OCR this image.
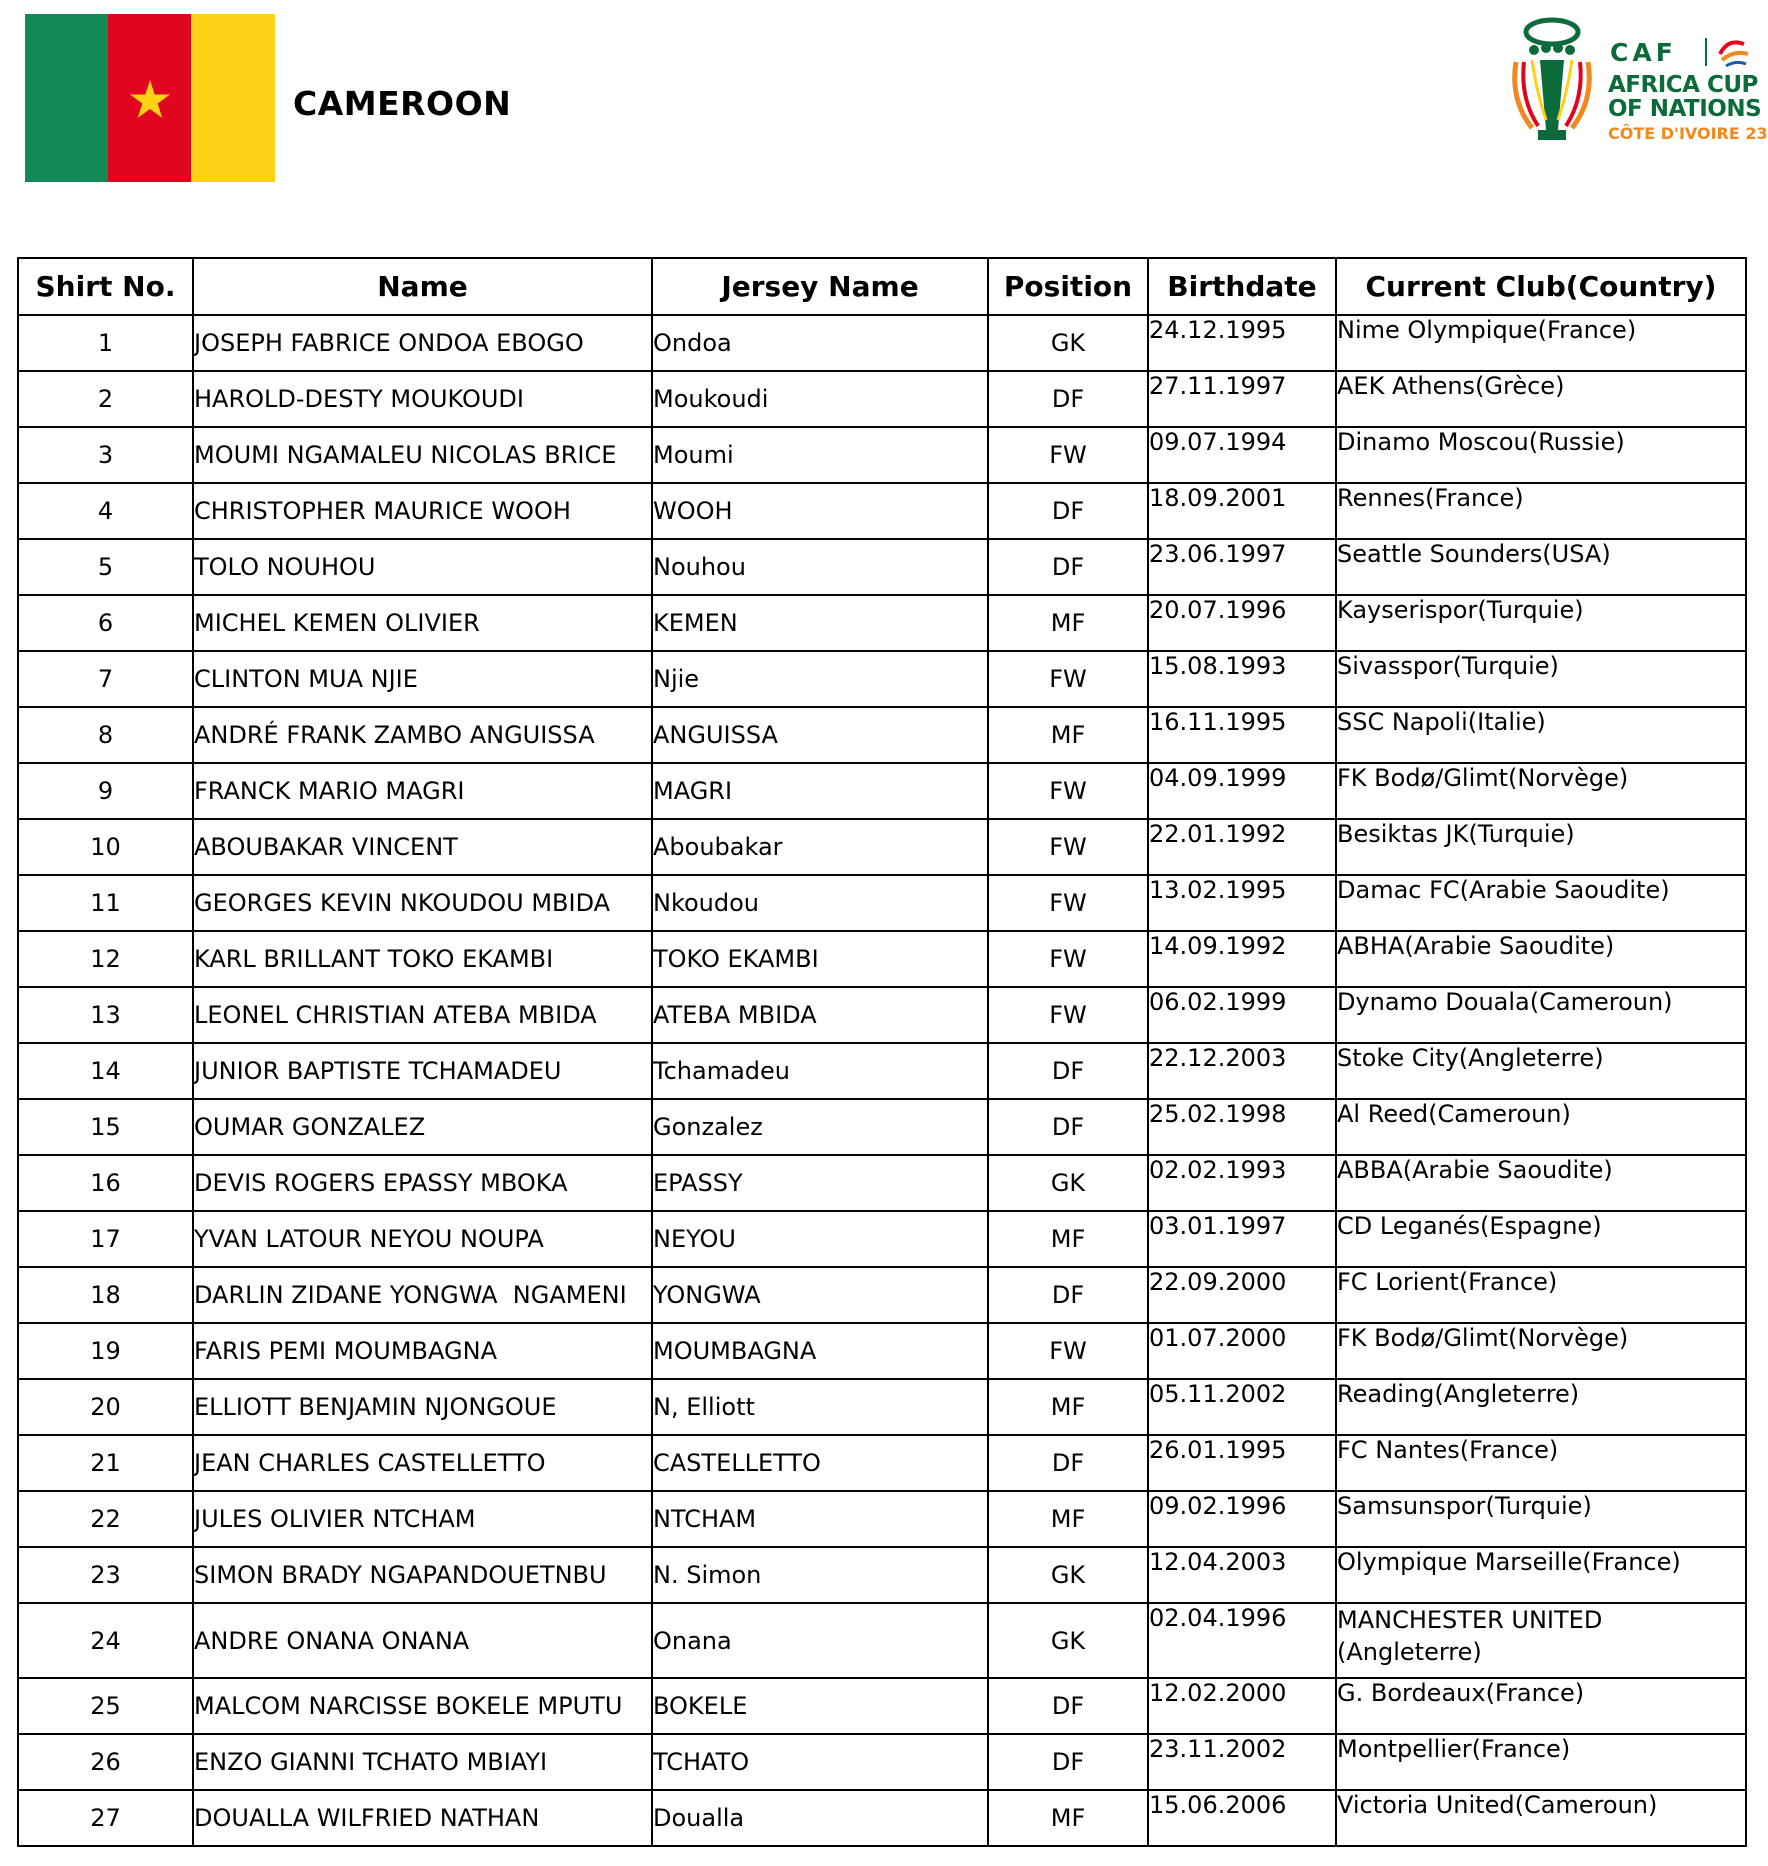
CAMEROON
CAF
AFRICA CUP
OF NATIONS
CÔTE D'IVOIRE 23
Shirt No.	Name	Jersey Name	Position	Birthdate	Current Club(Country)
1	JOSEPH FABRICE ONDOA EBOGO	Ondoa	GK	24.12.1995	Nime Olympique(France)
2	HAROLD-DESTY MOUKOUDI	Moukoudi	DF	27.11.1997	AEK Athens(Grèce)
3	MOUMI NGAMALEU NICOLAS BRICE	Moumi	FW	09.07.1994	Dinamo Moscou(Russie)
4	CHRISTOPHER MAURICE WOOH	WOOH	DF	18.09.2001	Rennes(France)
5	TOLO NOUHOU	Nouhou	DF	23.06.1997	Seattle Sounders(USA)
6	MICHEL KEMEN OLIVIER	KEMEN	MF	20.07.1996	Kayserispor(Turquie)
7	CLINTON MUA NJIE	Njie	FW	15.08.1993	Sivasspor(Turquie)
8	ANDRÉ FRANK ZAMBO ANGUISSA	ANGUISSA	MF	16.11.1995	SSC Napoli(Italie)
9	FRANCK MARIO MAGRI	MAGRI	FW	04.09.1999	FK Bodø/Glimt(Norvège)
10	ABOUBAKAR VINCENT	Aboubakar	FW	22.01.1992	Besiktas JK(Turquie)
11	GEORGES KEVIN NKOUDOU MBIDA	Nkoudou	FW	13.02.1995	Damac FC(Arabie Saoudite)
12	KARL BRILLANT TOKO EKAMBI	TOKO EKAMBI	FW	14.09.1992	ABHA(Arabie Saoudite)
13	LEONEL CHRISTIAN ATEBA MBIDA	ATEBA MBIDA	FW	06.02.1999	Dynamo Douala(Cameroun)
14	JUNIOR BAPTISTE TCHAMADEU	Tchamadeu	DF	22.12.2003	Stoke City(Angleterre)
15	OUMAR GONZALEZ	Gonzalez	DF	25.02.1998	Al Reed(Cameroun)
16	DEVIS ROGERS EPASSY MBOKA	EPASSY	GK	02.02.1993	ABBA(Arabie Saoudite)
17	YVAN LATOUR NEYOU NOUPA	NEYOU	MF	03.01.1997	CD Leganés(Espagne)
18	DARLIN ZIDANE YONGWA  NGAMENI	YONGWA	DF	22.09.2000	FC Lorient(France)
19	FARIS PEMI MOUMBAGNA	MOUMBAGNA	FW	01.07.2000	FK Bodø/Glimt(Norvège)
20	ELLIOTT BENJAMIN NJONGOUE	N, Elliott	MF	05.11.2002	Reading(Angleterre)
21	JEAN CHARLES CASTELLETTO	CASTELLETTO	DF	26.01.1995	FC Nantes(France)
22	JULES OLIVIER NTCHAM	NTCHAM	MF	09.02.1996	Samsunspor(Turquie)
23	SIMON BRADY NGAPANDOUETNBU	N. Simon	GK	12.04.2003	Olympique Marseille(France)
24	ANDRE ONANA ONANA	Onana	GK	02.04.1996	MANCHESTER UNITED
(Angleterre)
25	MALCOM NARCISSE BOKELE MPUTU	BOKELE	DF	12.02.2000	G. Bordeaux(France)
26	ENZO GIANNI TCHATO MBIAYI	TCHATO	DF	23.11.2002	Montpellier(France)
27	DOUALLA WILFRIED NATHAN	Doualla	MF	15.06.2006	Victoria United(Cameroun)
